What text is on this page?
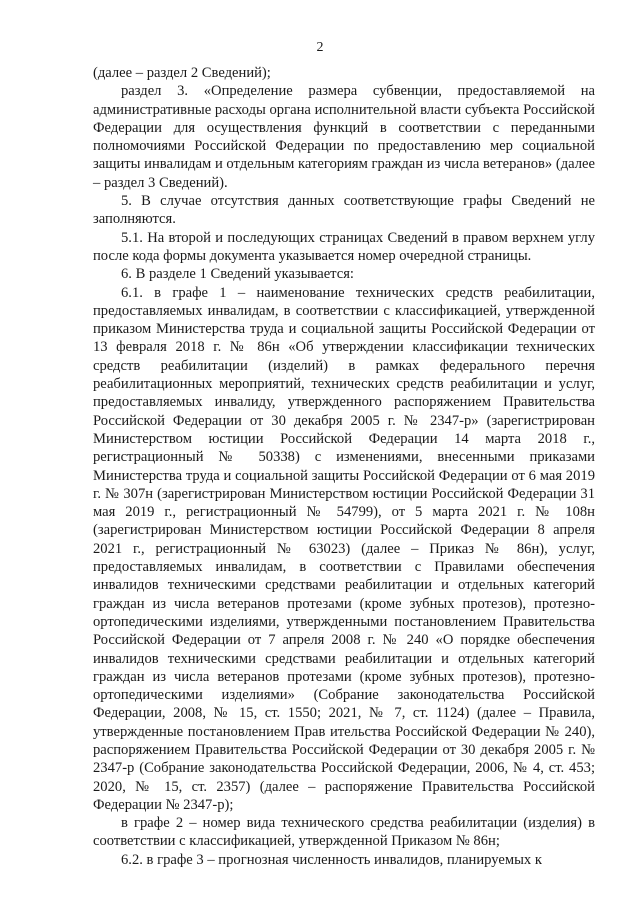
2

(далее – раздел 2 Сведений);

раздел 3. «Определение размера субвенции, предоставляемой на административные расходы органа исполнительной власти субъекта Российской Федерации для осуществления функций в соответствии с переданными полномочиями Российской Федерации по предоставлению мер социальной защиты инвалидам и отдельным категориям граждан из числа ветеранов» (далее – раздел 3 Сведений).

5. В случае отсутствия данных соответствующие графы Сведений не заполняются.

5.1. На второй и последующих страницах Сведений в правом верхнем углу после кода формы документа указывается номер очередной страницы.

6. В разделе 1 Сведений указывается:

6.1. в графе 1 – наименование технических средств реабилитации, предоставляемых инвалидам, в соответствии с классификацией, утвержденной приказом Министерства труда и социальной защиты Российской Федерации от 13 февраля 2018 г. № 86н «Об утверждении классификации технических средств реабилитации (изделий) в рамках федерального перечня реабилитационных мероприятий, технических средств реабилитации и услуг, предоставляемых инвалиду, утвержденного распоряжением Правительства Российской Федерации от 30 декабря 2005 г. № 2347-р» (зарегистрирован Министерством юстиции Российской Федерации 14 марта 2018 г., регистрационный № 50338) с изменениями, внесенными приказами Министерства труда и социальной защиты Российской Федерации от 6 мая 2019 г. № 307н (зарегистрирован Министерством юстиции Российской Федерации 31 мая 2019 г., регистрационный № 54799), от 5 марта 2021 г. № 108н (зарегистрирован Министерством юстиции Российской Федерации 8 апреля 2021 г., регистрационный № 63023) (далее – Приказ № 86н), услуг, предоставляемых инвалидам, в соответствии с Правилами обеспечения инвалидов техническими средствами реабилитации и отдельных категорий граждан из числа ветеранов протезами (кроме зубных протезов), протезно-ортопедическими изделиями, утвержденными постановлением Правительства Российской Федерации от 7 апреля 2008 г. № 240 «О порядке обеспечения инвалидов техническими средствами реабилитации и отдельных категорий граждан из числа ветеранов протезами (кроме зубных протезов), протезно-ортопедическими изделиями» (Собрание законодательства Российской Федерации, 2008, № 15, ст. 1550; 2021, № 7, ст. 1124) (далее – Правила, утвержденные постановлением Прав ительства Российской Федерации № 240), распоряжением Правительства Российской Федерации от 30 декабря 2005 г. № 2347-р (Собрание законодательства Российской Федерации, 2006, № 4, ст. 453; 2020, № 15, ст. 2357) (далее – распоряжение Правительства Российской Федерации № 2347-р);

в графе 2 – номер вида технического средства реабилитации (изделия) в соответствии с классификацией, утвержденной Приказом № 86н;

6.2. в графе 3 – прогнозная численность инвалидов, планируемых к
